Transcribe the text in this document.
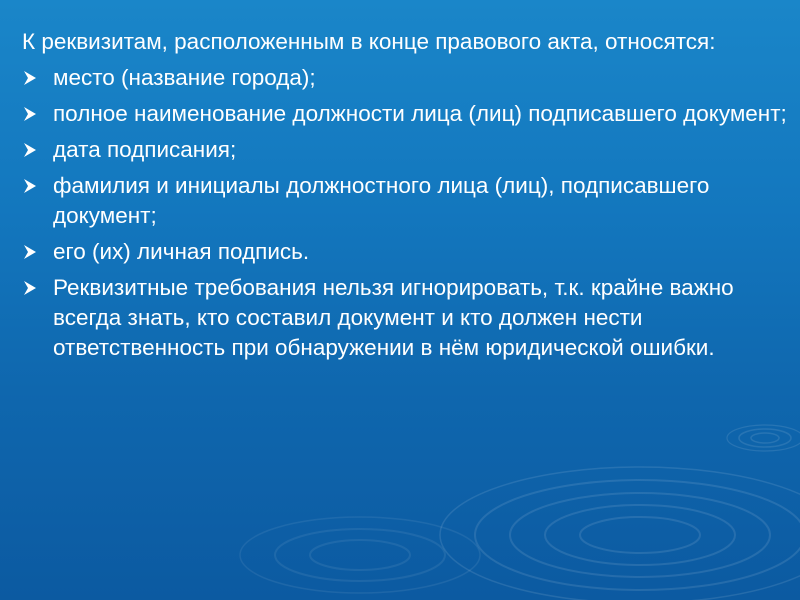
К реквизитам, расположенным в конце правового акта, относятся:
место (название города);
полное наименование должности лица (лиц) подписавшего документ;
дата подписания;
фамилия и инициалы должностного лица (лиц), подписавшего документ;
его (их) личная подпись.
Реквизитные требования нельзя игнорировать, т.к. крайне важно всегда знать, кто составил документ и кто должен нести ответственность при обнаружении в нём юридической ошибки.
